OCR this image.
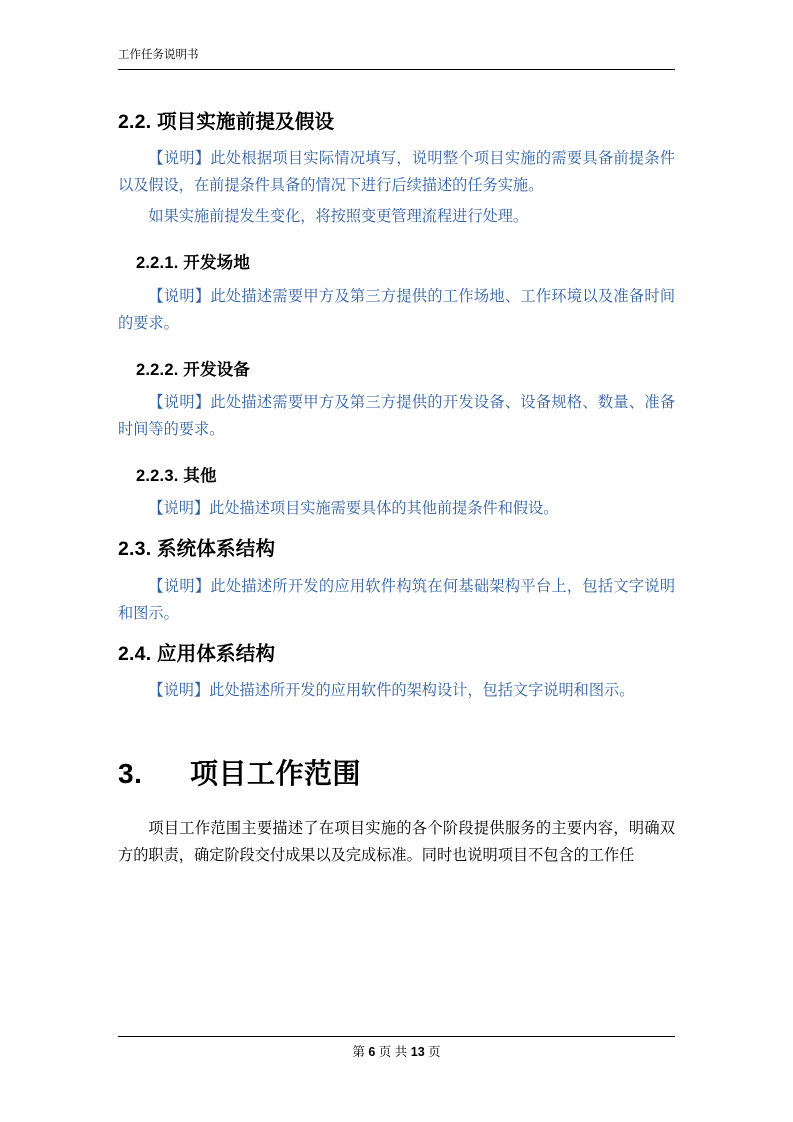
工作任务说明书
2.2. 项目实施前提及假设

【说明】此处根据项目实际情况填写，说明整个项目实施的需要具备前提条件以及假设，在前提条件具备的情况下进行后续描述的任务实施。

如果实施前提发生变化，将按照变更管理流程进行处理。

2.2.1. 开发场地

【说明】此处描述需要甲方及第三方提供的工作场地、工作环境以及准备时间的要求。

2.2.2. 开发设备

【说明】此处描述需要甲方及第三方提供的开发设备、设备规格、数量、准备时间等的要求。

2.2.3. 其他

【说明】此处描述项目实施需要具体的其他前提条件和假设。

2.3. 系统体系结构

【说明】此处描述所开发的应用软件构筑在何基础架构平台上，包括文字说明和图示。

2.4. 应用体系结构

【说明】此处描述所开发的应用软件的架构设计，包括文字说明和图示。

3. 项目工作范围

项目工作范围主要描述了在项目实施的各个阶段提供服务的主要内容，明确双方的职责，确定阶段交付成果以及完成标准。同时也说明项目不包含的工作任

第 6 页 共 13 页
